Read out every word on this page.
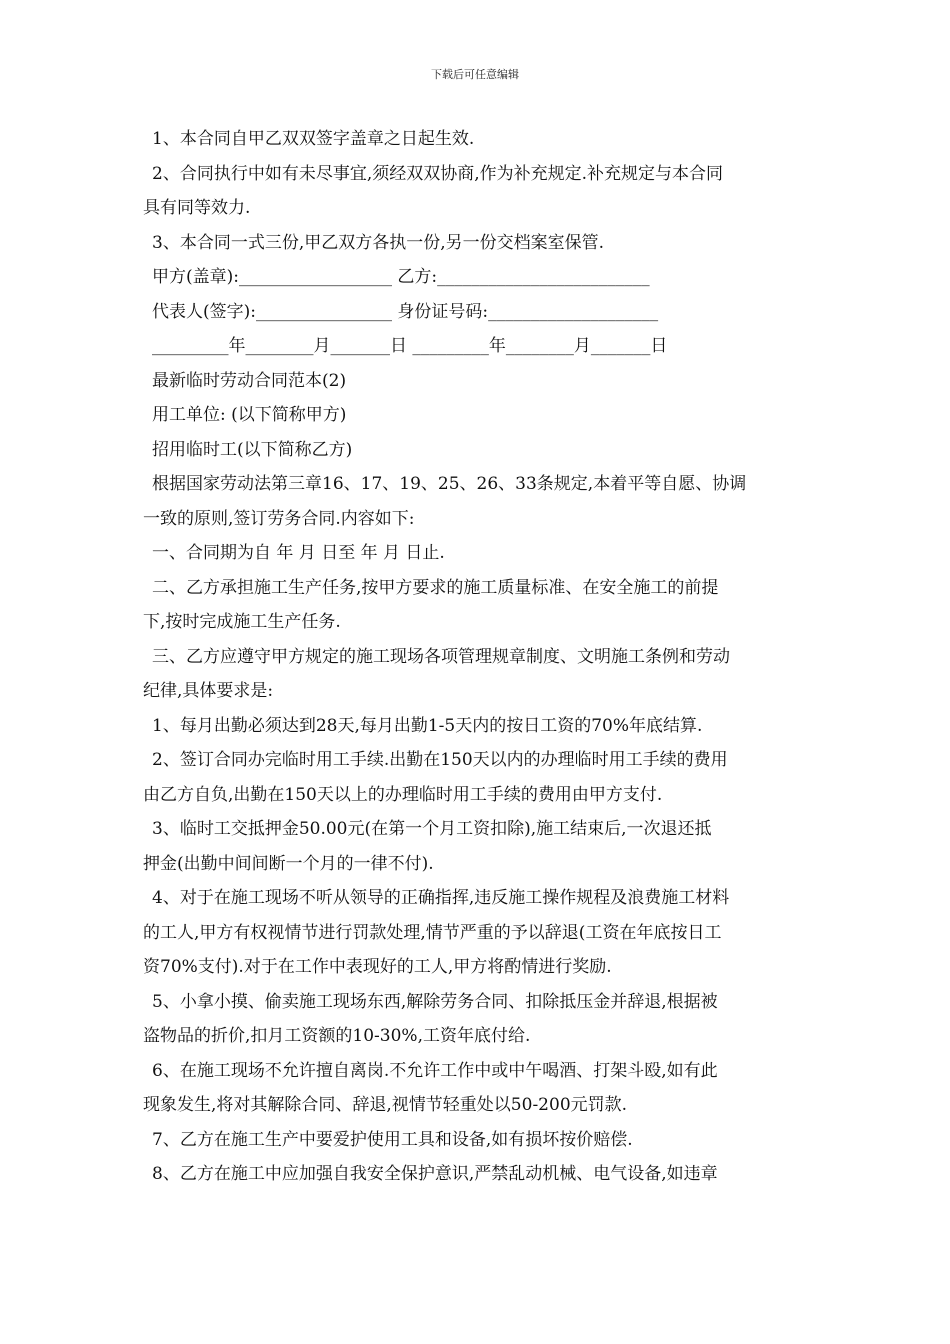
下载后可任意编辑

1、本合同自甲乙双双签字盖章之日起生效.

2、合同执行中如有未尽事宜,须经双双协商,作为补充规定.补充规定与本合同

具有同等效力.

3、本合同一式三份,甲乙双方各执一份,另一份交档案室保管.

甲方(盖章):__________________ 乙方:_________________________

代表人(签字):________________ 身份证号码:____________________

_________年________月_______日 _________年________月_______日

最新临时劳动合同范本(2)

用工单位: (以下简称甲方)

招用临时工(以下简称乙方)

根据国家劳动法第三章16、17、19、25、26、33条规定,本着平等自愿、协调

一致的原则,签订劳务合同.内容如下:

一、合同期为自 年 月 日至 年 月 日止.

二、乙方承担施工生产任务,按甲方要求的施工质量标准、在安全施工的前提

下,按时完成施工生产任务.

三、乙方应遵守甲方规定的施工现场各项管理规章制度、文明施工条例和劳动

纪律,具体要求是:

1、每月出勤必须达到28天,每月出勤1-5天内的按日工资的70%年底结算.

2、签订合同办完临时用工手续.出勤在150天以内的办理临时用工手续的费用

由乙方自负,出勤在150天以上的办理临时用工手续的费用由甲方支付.

3、临时工交抵押金50.00元(在第一个月工资扣除),施工结束后,一次退还抵

押金(出勤中间间断一个月的一律不付).

4、对于在施工现场不听从领导的正确指挥,违反施工操作规程及浪费施工材料

的工人,甲方有权视情节进行罚款处理,情节严重的予以辞退(工资在年底按日工

资70%支付).对于在工作中表现好的工人,甲方将酌情进行奖励.

5、小拿小摸、偷卖施工现场东西,解除劳务合同、扣除抵压金并辞退,根据被

盗物品的折价,扣月工资额的10-30%,工资年底付给.

6、在施工现场不允许擅自离岗.不允许工作中或中午喝酒、打架斗殴,如有此

现象发生,将对其解除合同、辞退,视情节轻重处以50-200元罚款.

7、乙方在施工生产中要爱护使用工具和设备,如有损坏按价赔偿.

8、乙方在施工中应加强自我安全保护意识,严禁乱动机械、电气设备,如违章
